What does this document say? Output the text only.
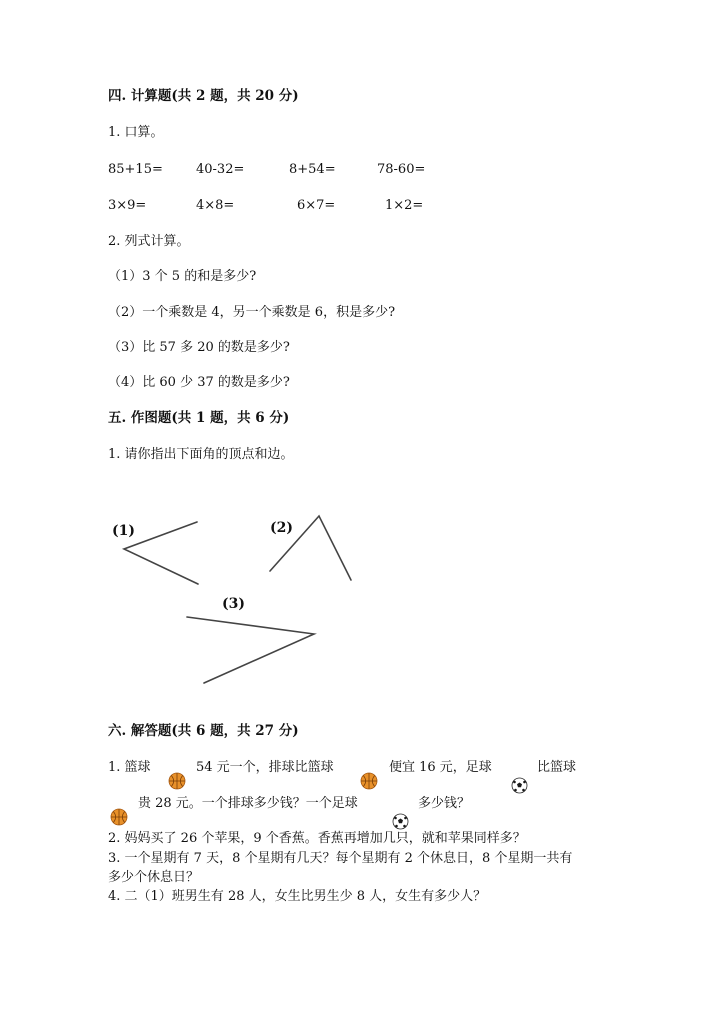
四. 计算题(共 2 题，共 20 分)
1. 口算。
85+15=	40-32=	8+54=	78-60=
3×9=	4×8=	6×7=	1×2=
2. 列式计算。
（1）3 个 5 的和是多少?
（2）一个乘数是 4，另一个乘数是 6，积是多少?
（3）比 57 多 20 的数是多少?
（4）比 60 少 37 的数是多少?
五. 作图题(共 1 题，共 6 分)
1. 请你指出下面角的顶点和边。
(1)	(2)
(3)
六. 解答题(共 6 题，共 27 分)
1. 篮球	54 元一个，排球比篮球	便宜 16 元，足球	比篮球
贵 28 元。一个排球多少钱？一个足球	多少钱？
2. 妈妈买了 26 个苹果，9 个香蕉。香蕉再增加几只，就和苹果同样多？
3. 一个星期有 7 天，8 个星期有几天？每个星期有 2 个休息日，8 个星期一共有
多少个休息日？
4. 二（1）班男生有 28 人，女生比男生少 8 人，女生有多少人？
